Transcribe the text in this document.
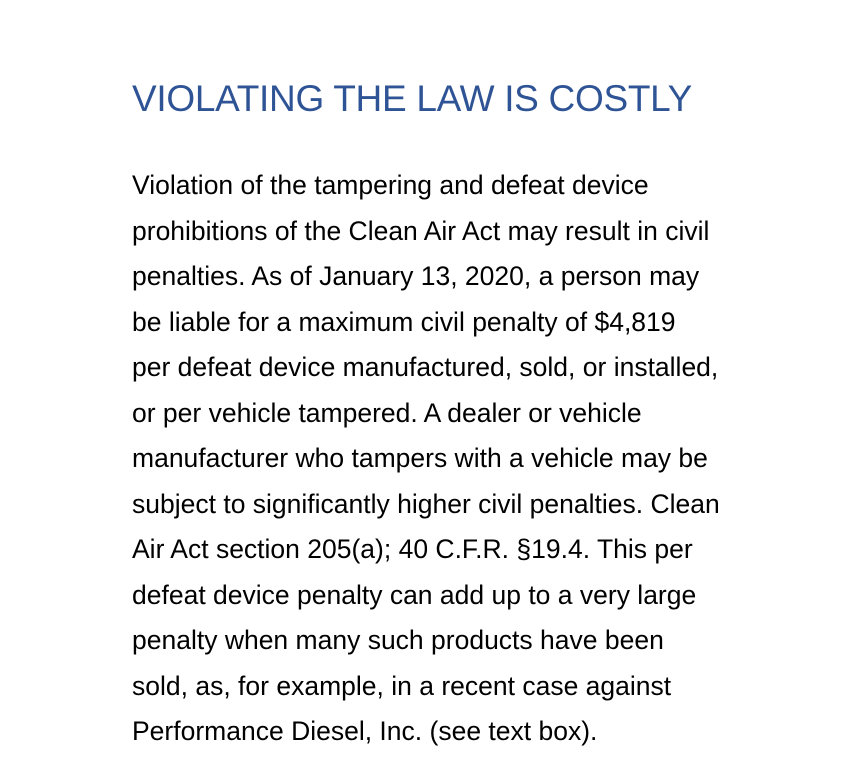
VIOLATING THE LAW IS COSTLY

Violation of the tampering and defeat device
prohibitions of the Clean Air Act may result in civil
penalties. As of January 13, 2020, a person may
be liable for a maximum civil penalty of $4,819
per defeat device manufactured, sold, or installed,
or per vehicle tampered. A dealer or vehicle
manufacturer who tampers with a vehicle may be
subject to significantly higher civil penalties. Clean
Air Act section 205(a); 40 C.F.R. §19.4. This per
defeat device penalty can add up to a very large
penalty when many such products have been
sold, as, for example, in a recent case against
Performance Diesel, Inc. (see text box).
